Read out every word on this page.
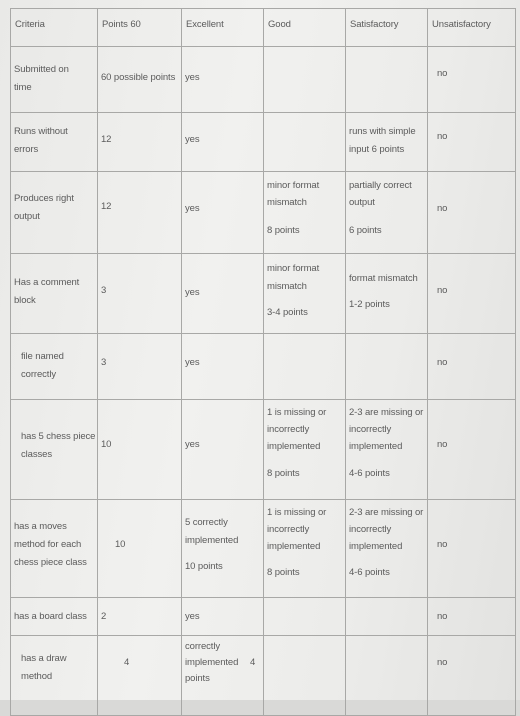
Criteria	Points 60	Excellent	Good	Satisfactory	Unsatisfactory

Submitted on
time	60 possible points	yes			no

Runs without
errors	12	yes		runs with simple
input 6 points	no

Produces right
output	12	yes	minor format
mismatch
8 points	partially correct
output
6 points	no

Has a comment
block	3	yes	minor format
mismatch
3-4 points	format mismatch
1-2 points	no

file named
correctly	3	yes			no

has 5 chess piece
classes	10	yes	1 is missing or
incorrectly
implemented
8 points	2-3 are missing or
incorrectly
implemented
4-6 points	no

has a moves
method for each
chess piece class	10	5 correctly
implemented
10 points	1 is missing or
incorrectly
implemented
8 points	2-3 are missing or
incorrectly
implemented
4-6 points	no

has a board class	2	yes			no

has a draw
method	4	correctly
implemented 4
points			no
